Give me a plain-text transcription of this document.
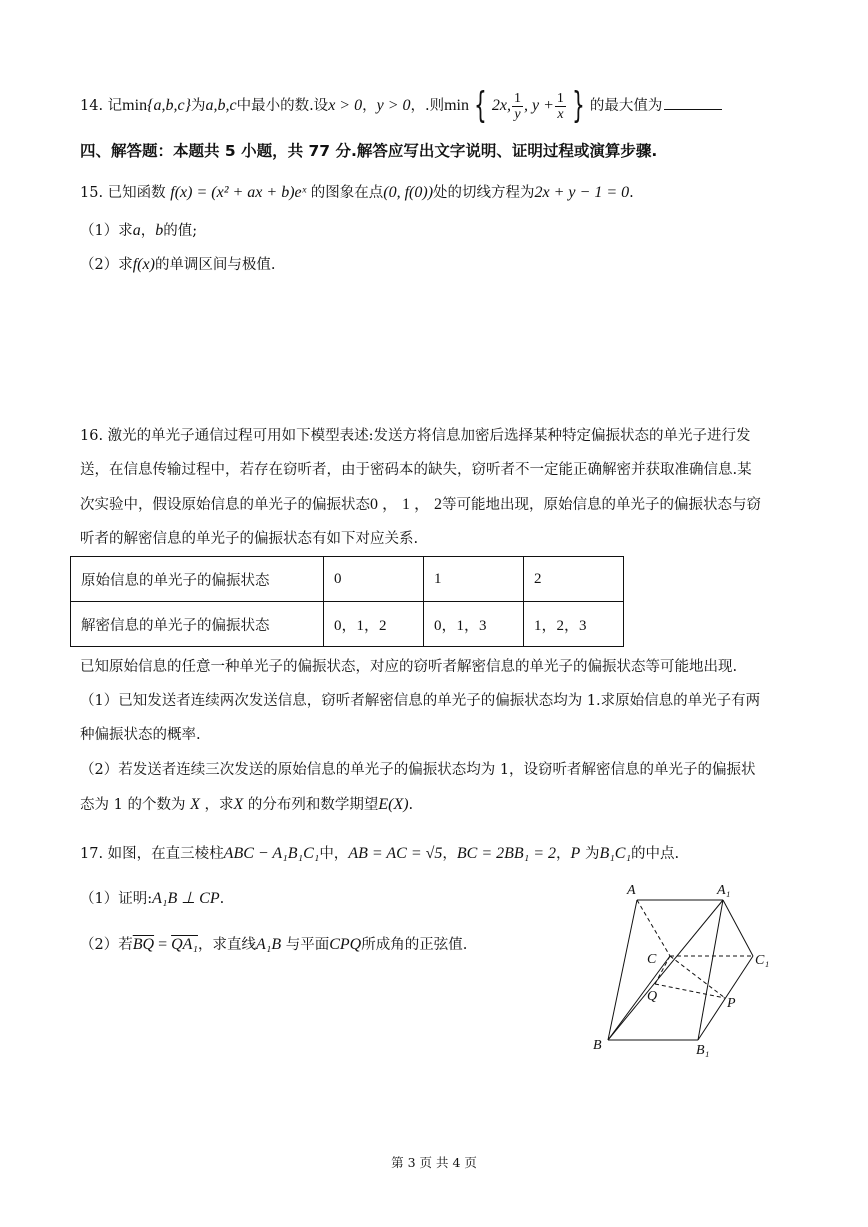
14. 记min{a,b,c}为a,b,c中最小的数.设x > 0，y > 0，.则min { 2x, $\frac{1}{y}$ , $y + \frac{1}{x}$ } 的最大值为
四、解答题：本题共 5 小题，共 77 分.解答应写出文字说明、证明过程或演算步骤.
15. 已知函数 f(x) = (x² + ax + b)eˣ 的图象在点(0, f(0))处的切线方程为2x + y − 1 = 0.
（1）求a，b的值;
（2）求f(x)的单调区间与极值.
16. 激光的单光子通信过程可用如下模型表述:发送方将信息加密后选择某种特定偏振状态的单光子进行发
送，在信息传输过程中，若存在窃听者，由于密码本的缺失，窃听者不一定能正确解密并获取准确信息.某
次实验中，假设原始信息的单光子的偏振状态0 ， 1 ， 2等可能地出现，原始信息的单光子的偏振状态与窃
听者的解密信息的单光子的偏振状态有如下对应关系.
原始信息的单光子的偏振状态	0	1	2
解密信息的单光子的偏振状态	0，1，2	0，1，3	1，2，3
已知原始信息的任意一种单光子的偏振状态，对应的窃听者解密信息的单光子的偏振状态等可能地出现.
（1）已知发送者连续两次发送信息，窃听者解密信息的单光子的偏振状态均为 1.求原始信息的单光子有两
种偏振状态的概率.
（2）若发送者连续三次发送的原始信息的单光子的偏振状态均为 1，设窃听者解密信息的单光子的偏振状
态为 1 的个数为 X ，求X 的分布列和数学期望E(X).
17. 如图，在直三棱柱ABC − A₁B₁C₁中，AB = AC = √5，BC = 2BB₁ = 2，P 为B₁C₁的中点.
（1）证明:A₁B ⊥ CP.
（2）若$\overline{BQ} = QA_1$，求直线A₁B 与平面CPQ所成角的正弦值.
A	A₁
C	C₁
Q	P
B	B₁
第 3 页 共 4 页
